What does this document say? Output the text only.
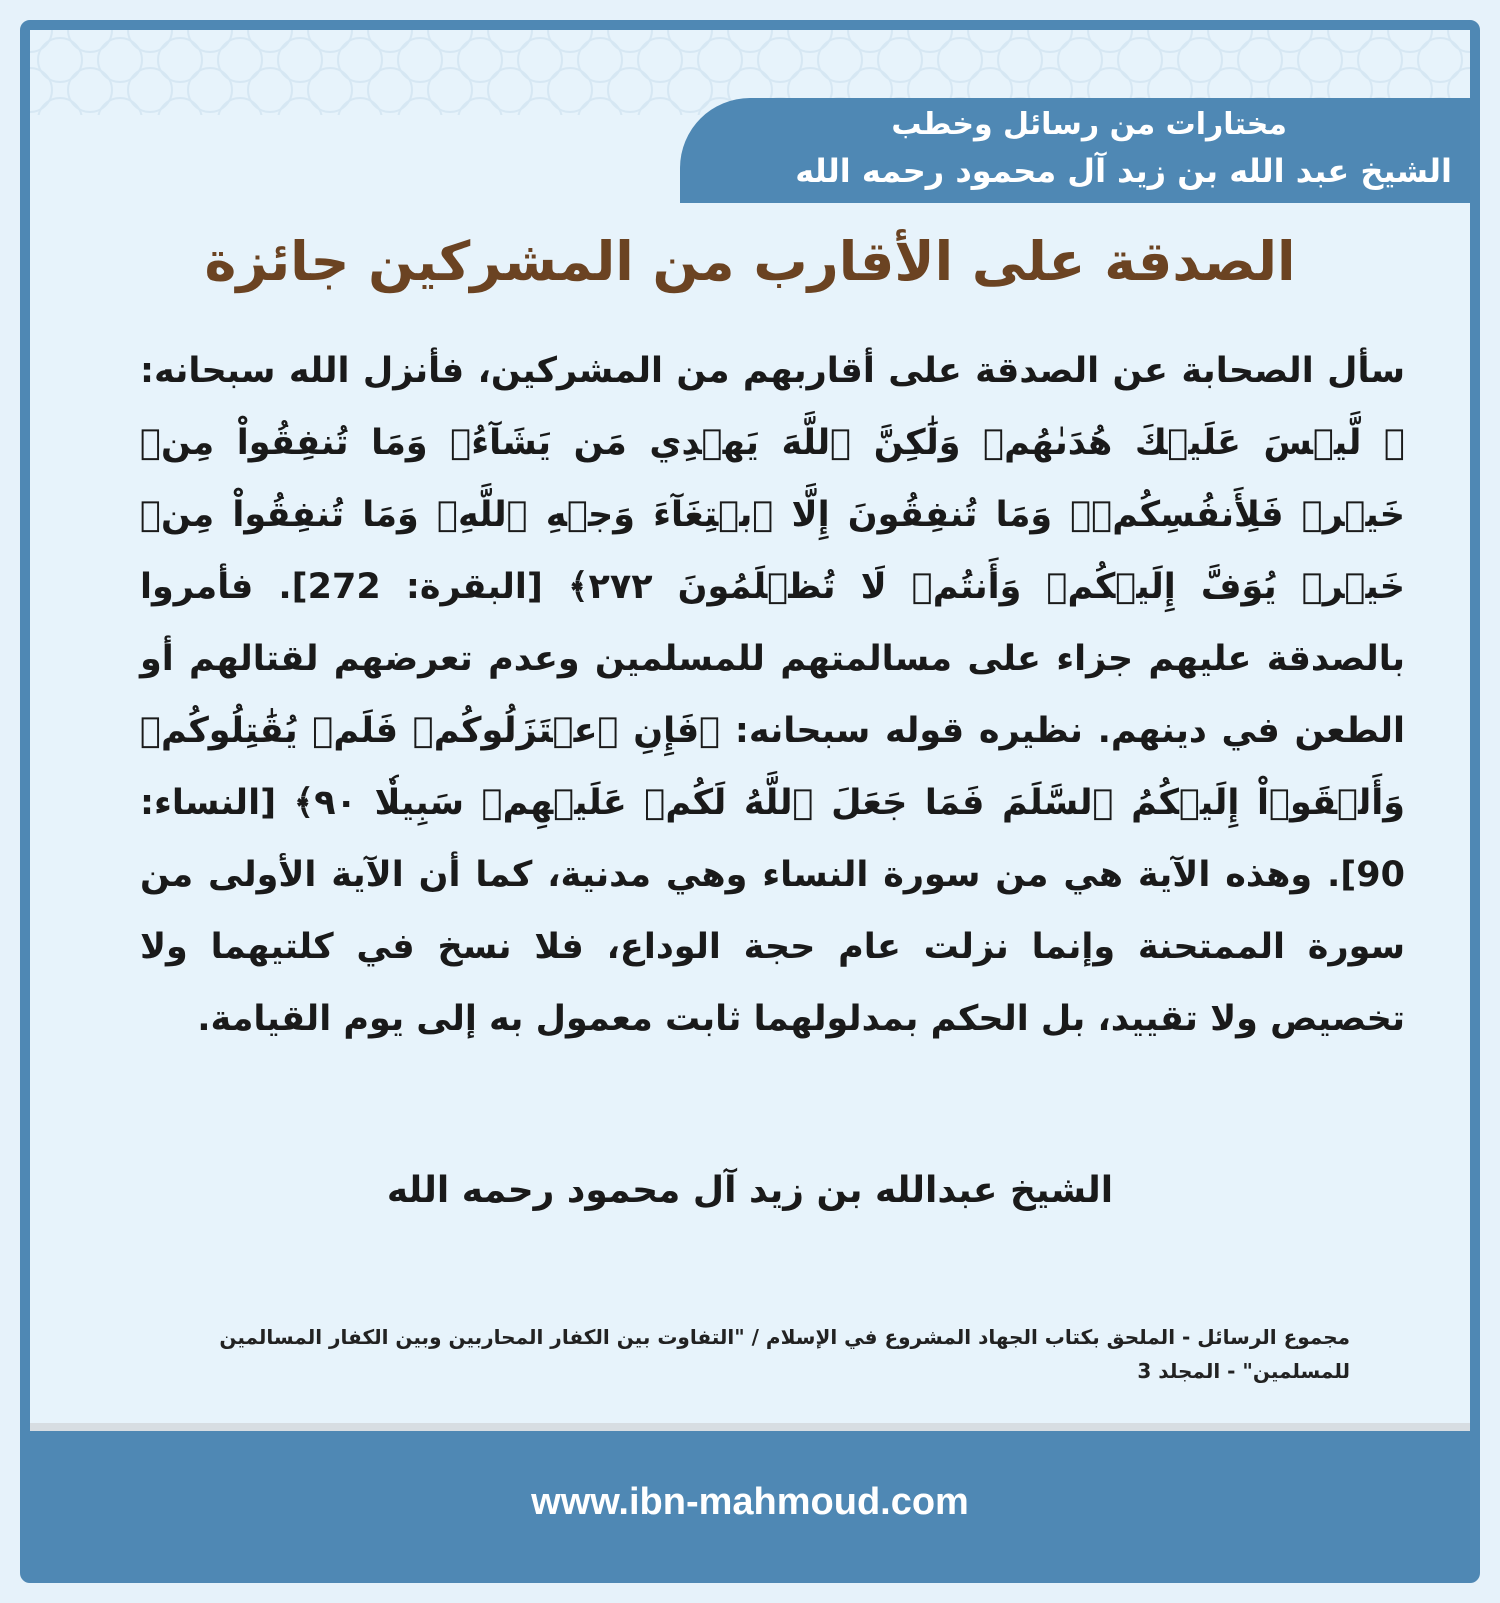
مختارات من رسائل وخطب
الشيخ عبد الله بن زيد آل محمود رحمه الله
الصدقة على الأقارب من المشركين جائزة

سأل الصحابة عن الصدقة على أقاربهم من المشركين، فأنزل الله سبحانه: ﴿ لَّيۡسَ عَلَيۡكَ هُدَىٰهُمۡ وَلَٰكِنَّ ٱللَّهَ يَهۡدِي مَن يَشَآءُۗ وَمَا تُنفِقُواْ مِنۡ خَيۡرٖ فَلِأَنفُسِكُمۡۚ وَمَا تُنفِقُونَ إِلَّا ٱبۡتِغَآءَ وَجۡهِ ٱللَّهِۚ وَمَا تُنفِقُواْ مِنۡ خَيۡرٖ يُوَفَّ إِلَيۡكُمۡ وَأَنتُمۡ لَا تُظۡلَمُونَ ٢٧٢﴾ [البقرة: 272]. فأمروا بالصدقة عليهم جزاء على مسالمتهم للمسلمين وعدم تعرضهم لقتالهم أو الطعن في دينهم. نظيره قوله سبحانه: ﴿فَإِنِ ٱعۡتَزَلُوكُمۡ فَلَمۡ يُقَٰتِلُوكُمۡ وَأَلۡقَوۡاْ إِلَيۡكُمُ ٱلسَّلَمَ فَمَا جَعَلَ ٱللَّهُ لَكُمۡ عَلَيۡهِمۡ سَبِيلٗا ٩٠﴾ [النساء: 90]. وهذه الآية هي من سورة النساء وهي مدنية، كما أن الآية الأولى من سورة الممتحنة وإنما نزلت عام حجة الوداع، فلا نسخ في كلتيهما ولا تخصيص ولا تقييد، بل الحكم بمدلولهما ثابت معمول به إلى يوم القيامة.

الشيخ عبدالله بن زيد آل محمود رحمه الله

مجموع الرسائل - الملحق بكتاب الجهاد المشروع في الإسلام / "التفاوت بين الكفار المحاربين وبين الكفار المسالمين للمسلمين" - المجلد 3

www.ibn-mahmoud.com
